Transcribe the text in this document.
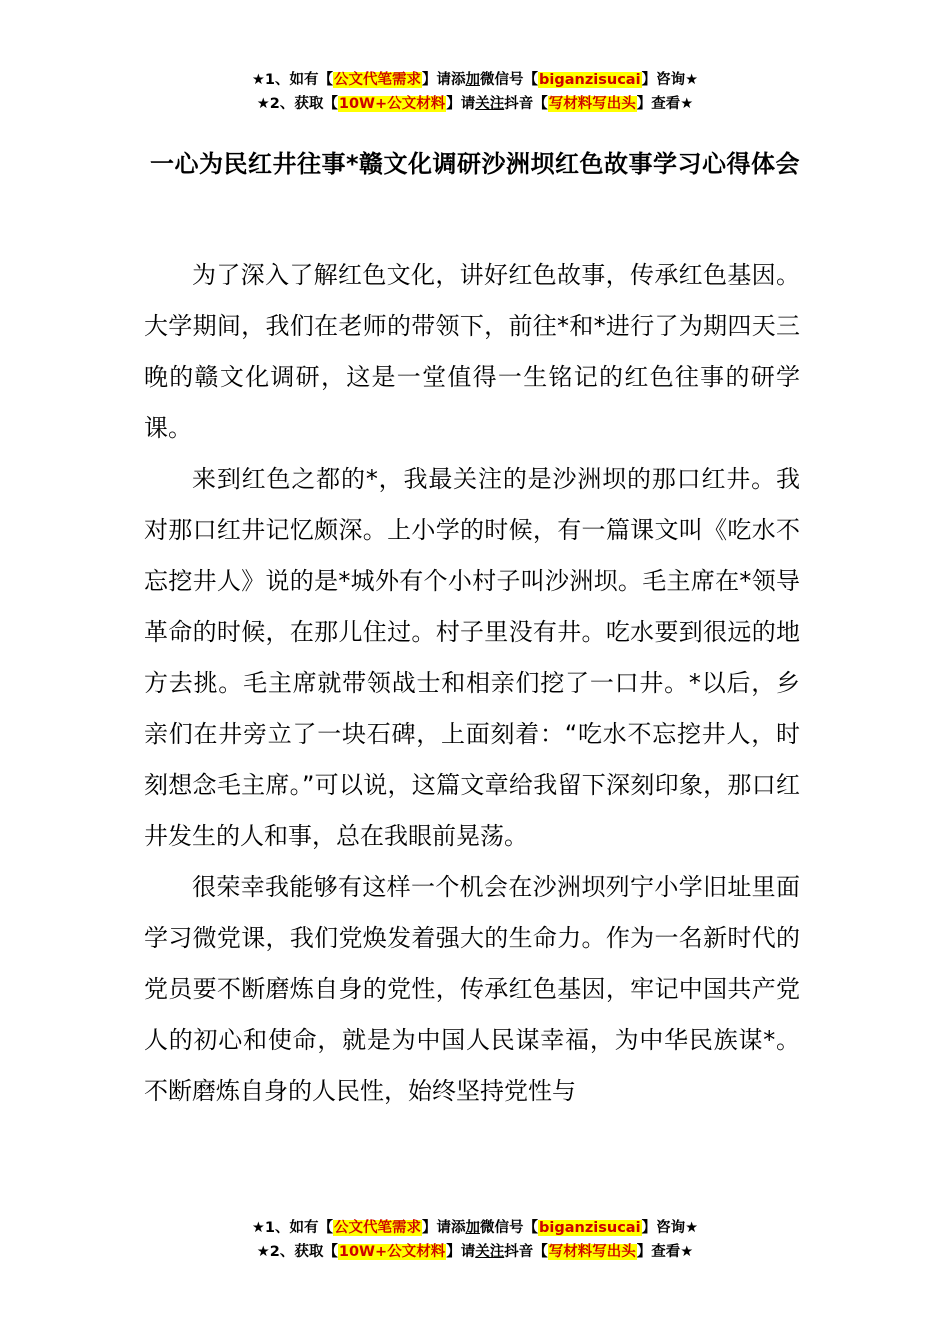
★1、如有【公文代笔需求】请添加微信号【biganzisucai】咨询★
★2、获取【10W+公文材料】请关注抖音【写材料写出头】查看★
一心为民红井往事*赣文化调研沙洲坝红色故事学习心得体会

为了深入了解红色文化，讲好红色故事，传承红色基因。大学期间，我们在老师的带领下，前往*和*进行了为期四天三晚的赣文化调研，这是一堂值得一生铭记的红色往事的研学课。

来到红色之都的*，我最关注的是沙洲坝的那口红井。我对那口红井记忆颇深。上小学的时候，有一篇课文叫《吃水不忘挖井人》说的是*城外有个小村子叫沙洲坝。毛主席在*领导革命的时候，在那儿住过。村子里没有井。吃水要到很远的地方去挑。毛主席就带领战士和相亲们挖了一口井。*以后，乡亲们在井旁立了一块石碑，上面刻着：“吃水不忘挖井人，时刻想念毛主席。”可以说，这篇文章给我留下深刻印象，那口红井发生的人和事，总在我眼前晃荡。

很荣幸我能够有这样一个机会在沙洲坝列宁小学旧址里面学习微党课，我们党焕发着强大的生命力。作为一名新时代的党员要不断磨炼自身的党性，传承红色基因，牢记中国共产党人的初心和使命，就是为中国人民谋幸福，为中华民族谋*。不断磨炼自身的人民性，始终坚持党性与

★1、如有【公文代笔需求】请添加微信号【biganzisucai】咨询★
★2、获取【10W+公文材料】请关注抖音【写材料写出头】查看★
